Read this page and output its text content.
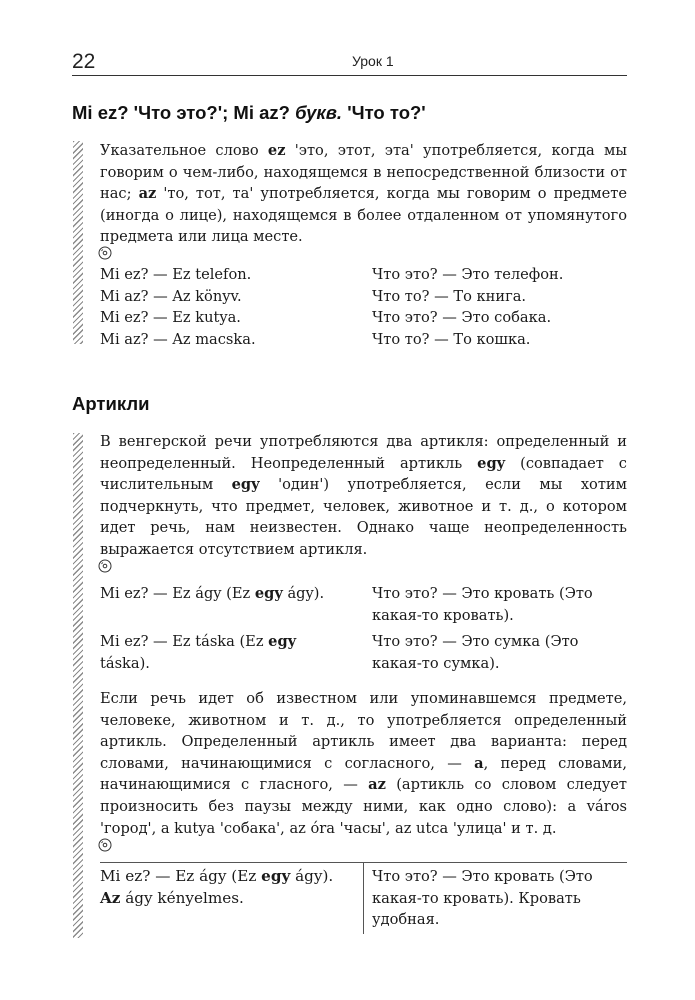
22	Урок 1
Mi ez? 'Что это?'; Mi az? букв. 'Что то?'

Указательное слово ez 'это, этот, эта' употребляется, когда мы говорим о чем-либо, находящемся в непосредственной близости от нас; az 'то, тот, та' употребляется, когда мы говорим о предмете (иногда о лице), находящемся в более отдаленном от упомянутого предмета или лица месте.

Mi ez? — Ez telefon.
Mi az? — Az könyv.
Mi ez? — Ez kutya.
Mi az? — Az macska.
Что это? — Это телефон.
Что то? — То книга.
Что это? — Это собака.
Что то? — То кошка.
Артикли

В венгерской речи употребляются два артикля: определенный и неопределенный. Неопределенный артикль egy (совпадает с числительным egy 'один') употребляется, если мы хотим подчеркнуть, что предмет, человек, животное и т. д., о котором идет речь, нам неизвестен. Однако чаще неопределенность выражается отсутствием артикля.

Mi ez? — Ez ágy (Ez egy ágy).	Что это? — Это кровать (Это какая-то кровать).

Mi ez? — Ez táska (Ez egy táska).

Что это? — Это сумка (Это какая-то сумка).

Если речь идет об известном или упоминавшемся предмете, человеке, животном и т. д., то употребляется определенный артикль. Определенный артикль имеет два варианта: перед словами, начинающимися с согласного, — a, перед словами, начинающимися с гласного, — az (артикль со словом следует произносить без паузы между ними, как одно слово): a város 'город', a kutya 'собака', az óra 'часы', az utca 'улица' и т. д.

Mi ez? — Ez ágy (Ez egy ágy).
Az ágy kényelmes.

Что это? — Это кровать (Это какая-то кровать). Кровать удобная.
